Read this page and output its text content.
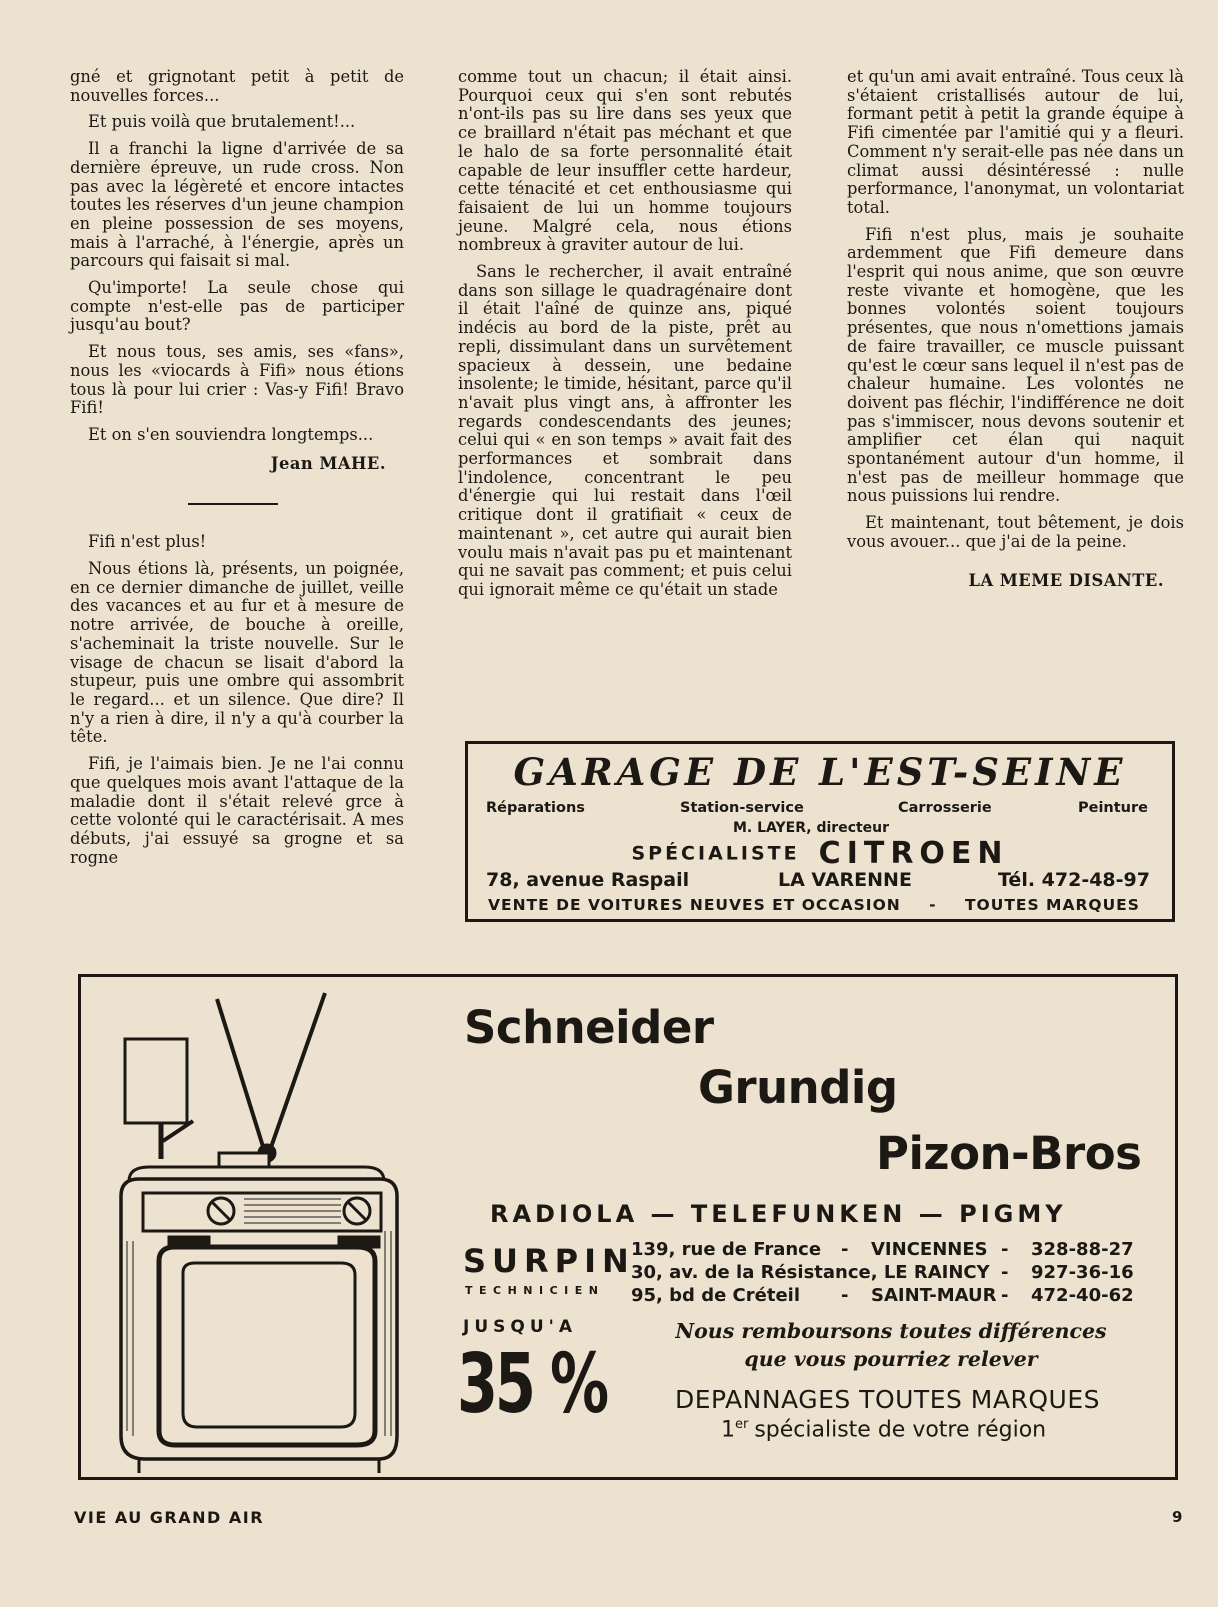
gné et grignotant petit à petit de nouvelles forces...

Et puis voilà que brutalement!...

Il a franchi la ligne d'arrivée de sa dernière épreuve, un rude cross. Non pas avec la légèreté et encore intactes toutes les réserves d'un jeune champion en pleine possession de ses moyens, mais à l'arraché, à l'énergie, après un parcours qui faisait si mal.

Qu'importe! La seule chose qui compte n'est-elle pas de participer jusqu'au bout?

Et nous tous, ses amis, ses «fans», nous les «viocards à Fifi» nous étions tous là pour lui crier : Vas-y Fifi! Bravo Fifi!

Et on s'en souviendra longtemps...

Jean MAHE.

Fifi n'est plus!

Nous étions là, présents, un poignée, en ce dernier dimanche de juillet, veille des vacances et au fur et à mesure de notre arrivée, de bouche à oreille, s'acheminait la triste nouvelle. Sur le visage de chacun se lisait d'abord la stupeur, puis une ombre qui assombrit le regard... et un silence. Que dire? Il n'y a rien à dire, il n'y a qu'à courber la tête.

Fifi, je l'aimais bien. Je ne l'ai connu que quelques mois avant l'attaque de la maladie dont il s'était relevé grce à cette volonté qui le caractérisait. A mes débuts, j'ai essuyé sa grogne et sa rogne

comme tout un chacun; il était ainsi. Pourquoi ceux qui s'en sont rebutés n'ont-ils pas su lire dans ses yeux que ce braillard n'était pas méchant et que le halo de sa forte personnalité était capable de leur insuffler cette hardeur, cette ténacité et cet enthousiasme qui faisaient de lui un homme toujours jeune. Malgré cela, nous étions nombreux à graviter autour de lui.

Sans le rechercher, il avait entraîné dans son sillage le quadragénaire dont il était l'aîné de quinze ans, piqué indécis au bord de la piste, prêt au repli, dissimulant dans un survêtement spacieux à dessein, une bedaine insolente; le timide, hésitant, parce qu'il n'avait plus vingt ans, à affronter les regards condescendants des jeunes; celui qui « en son temps » avait fait des performances et sombrait dans l'indolence, concentrant le peu d'énergie qui lui restait dans l'œil critique dont il gratifiait « ceux de maintenant », cet autre qui aurait bien voulu mais n'avait pas pu et maintenant qui ne savait pas comment; et puis celui qui ignorait même ce qu'était un stade

et qu'un ami avait entraîné. Tous ceux là s'étaient cristallisés autour de lui, formant petit à petit la grande équipe à Fifi cimentée par l'amitié qui y a fleuri. Comment n'y serait-elle pas née dans un climat aussi désintéressé : nulle performance, l'anonymat, un volontariat total.

Fifi n'est plus, mais je souhaite ardemment que Fifi demeure dans l'esprit qui nous anime, que son œuvre reste vivante et homogène, que les bonnes volontés soient toujours présentes, que nous n'omettions jamais de faire travailler, ce muscle puissant qu'est le cœur sans lequel il n'est pas de chaleur humaine. Les volontés ne doivent pas fléchir, l'indifférence ne doit pas s'immiscer, nous devons soutenir et amplifier cet élan qui naquit spontanément autour d'un homme, il n'est pas de meilleur hommage que nous puissions lui rendre.

Et maintenant, tout bêtement, je dois vous avouer... que j'ai de la peine.

LA MEME DISANTE.
GARAGE DE L'EST-SEINE
Réparations	Station-service	Carrosserie	Peinture
M. LAYER, directeur
SPÉCIALISTE CITROEN
78, avenue Raspail	LA VARENNE	Tél. 472-48-97
VENTE DE VOITURES NEUVES ET OCCASION - TOUTES MARQUES
Schneider
Grundig
Pizon-Bros
RADIOLA — TELEFUNKEN — PIGMY
SURPIN
TECHNICIEN
139, rue de France - VINCENNES - 328-88-27
30, av. de la Résistance, LE RAINCY - 927-36-16
95, bd de Créteil - SAINT-MAUR - 472-40-62
JUSQU'A
35 %
Nous remboursons toutes différences
que vous pourriez relever
DEPANNAGES TOUTES MARQUES
1er spécialiste de votre région
VIE AU GRAND AIR	9
